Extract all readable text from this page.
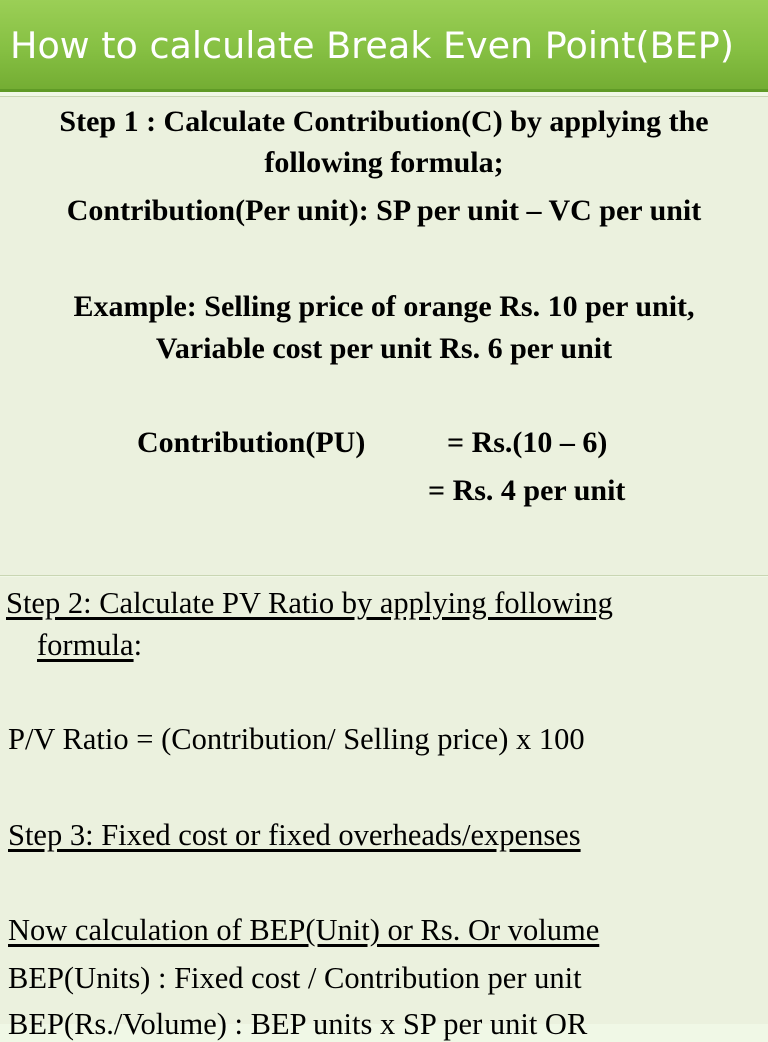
How to calculate Break Even Point(BEP)

Step 1 : Calculate Contribution(C) by applying the

following formula;

Contribution(Per unit): SP per unit – VC per unit

Example: Selling price of orange Rs. 10 per unit,

Variable cost per unit Rs. 6 per unit

Contribution(PU)	= Rs.(10 – 6)

= Rs. 4 per unit

Step 2: Calculate PV Ratio by applying following

formula:

P/V Ratio = (Contribution/ Selling price) x 100

Step 3: Fixed cost or fixed overheads/expenses

Now calculation of BEP(Unit) or Rs. Or volume

BEP(Units) : Fixed cost / Contribution per unit

BEP(Rs./Volume) : BEP units x SP per unit OR
